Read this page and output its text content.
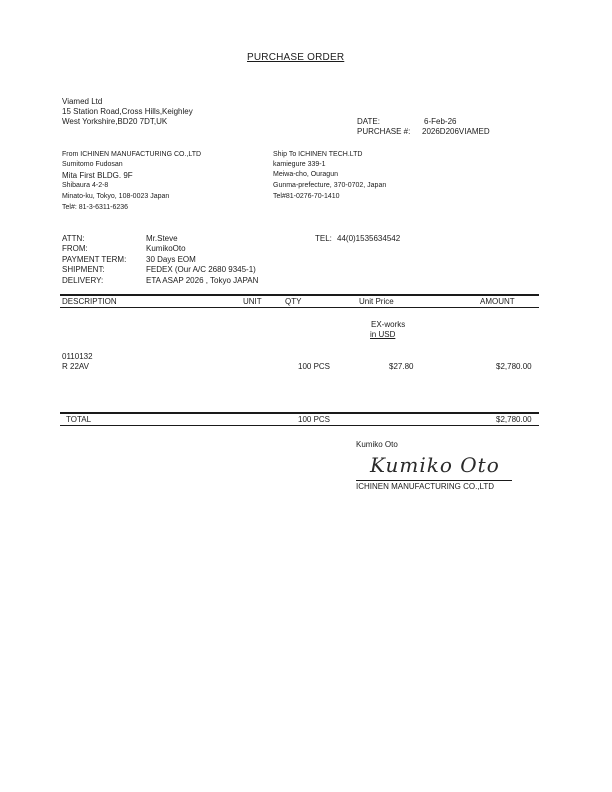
PURCHASE ORDER
Viamed Ltd
15 Station Road,Cross Hills,Keighley
West Yorkshire,BD20 7DT,UK	DATE:	6-Feb-26
PURCHASE #: 2026D206VIAMED
From ICHINEN MANUFACTURING CO.,LTD
Sumitomo Fudosan
Mita First BLDG. 9F
Shibaura 4-2-8
Minato-ku, Tokyo, 108-0023 Japan
Tel#: 81-3-6311-6236
Ship To ICHINEN TECH.LTD
kamiegure 339-1
Meiwa-cho, Ouragun
Gunma-prefecture, 370-0702, Japan
Tel#81-0276-70-1410
ATTN:	Mr.Steve	TEL: 44(0)1535634542
FROM:	KumikoOto
PAYMENT TERM: 30 Days EOM
SHIPMENT:	FEDEX (Our A/C 2680 9345-1)
DELIVERY:	ETA ASAP 2026 , Tokyo JAPAN
DESCRIPTION	UNIT	QTY	Unit Price	AMOUNT
EX-works
in USD
0110132
R 22AV	100 PCS	$27.80	$2,780.00
TOTAL	100 PCS	$2,780.00
Kumiko Oto
Kumiko Oto
ICHINEN MANUFACTURING CO.,LTD
